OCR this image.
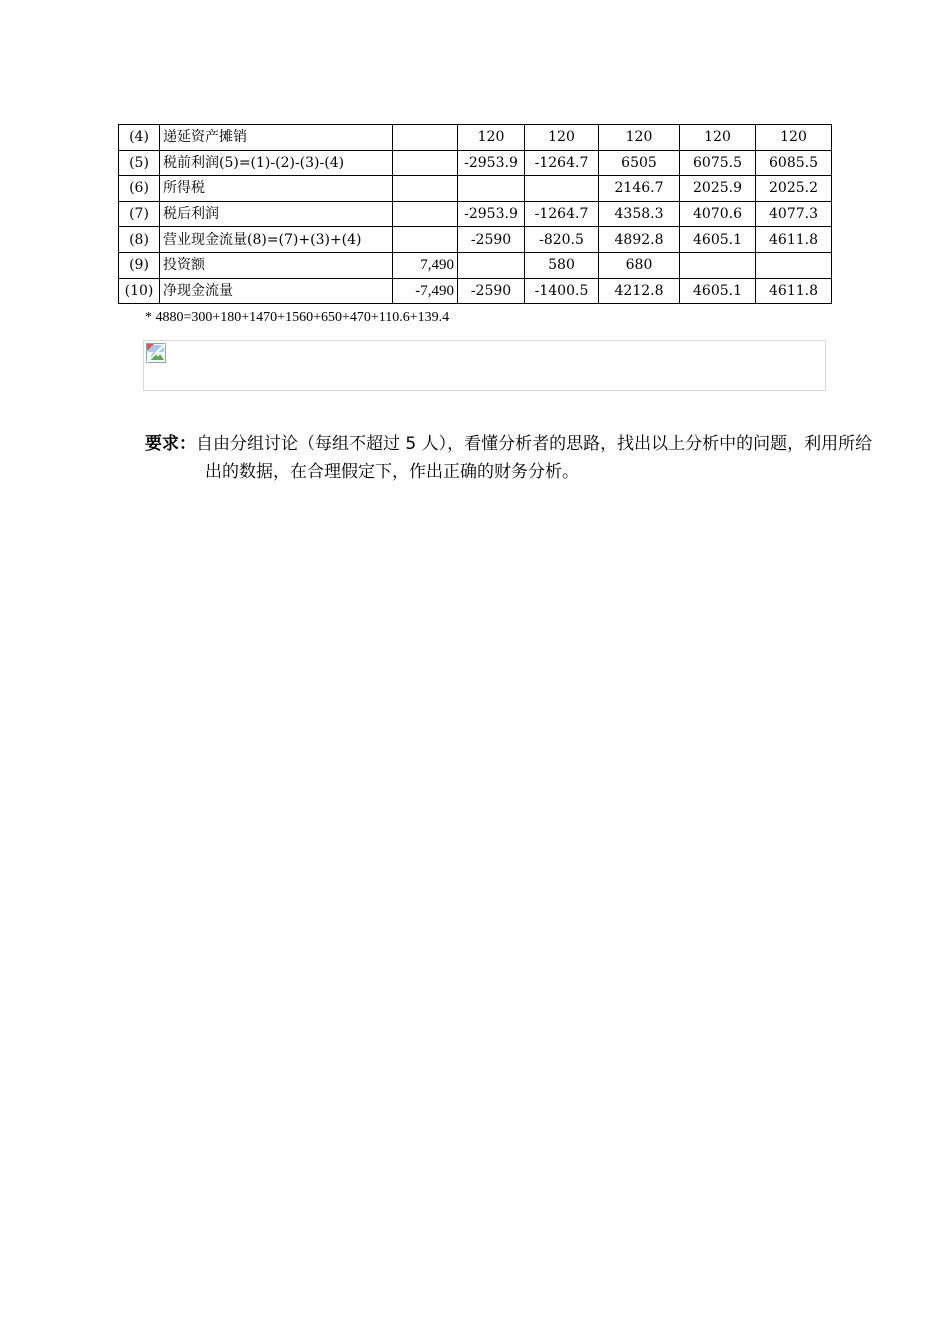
(4)	递延资产摊销		120	120	120	120	120
(5)	税前利润(5)=(1)-(2)-(3)-(4)		-2953.9	-1264.7	6505	6075.5	6085.5
(6)	所得税				2146.7	2025.9	2025.2
(7)	税后利润		-2953.9	-1264.7	4358.3	4070.6	4077.3
(8)	营业现金流量(8)=(7)+(3)+(4)		-2590	-820.5	4892.8	4605.1	4611.8
(9)	投资额	7,490		580	680		
(10)	净现金流量	-7,490	-2590	-1400.5	4212.8	4605.1	4611.8
* 4880=300+180+1470+1560+650+470+110.6+139.4
要求：自由分组讨论（每组不超过 5 人），看懂分析者的思路，找出以上分析中的问题，利用所给出的数据，在合理假定下，作出正确的财务分析。
